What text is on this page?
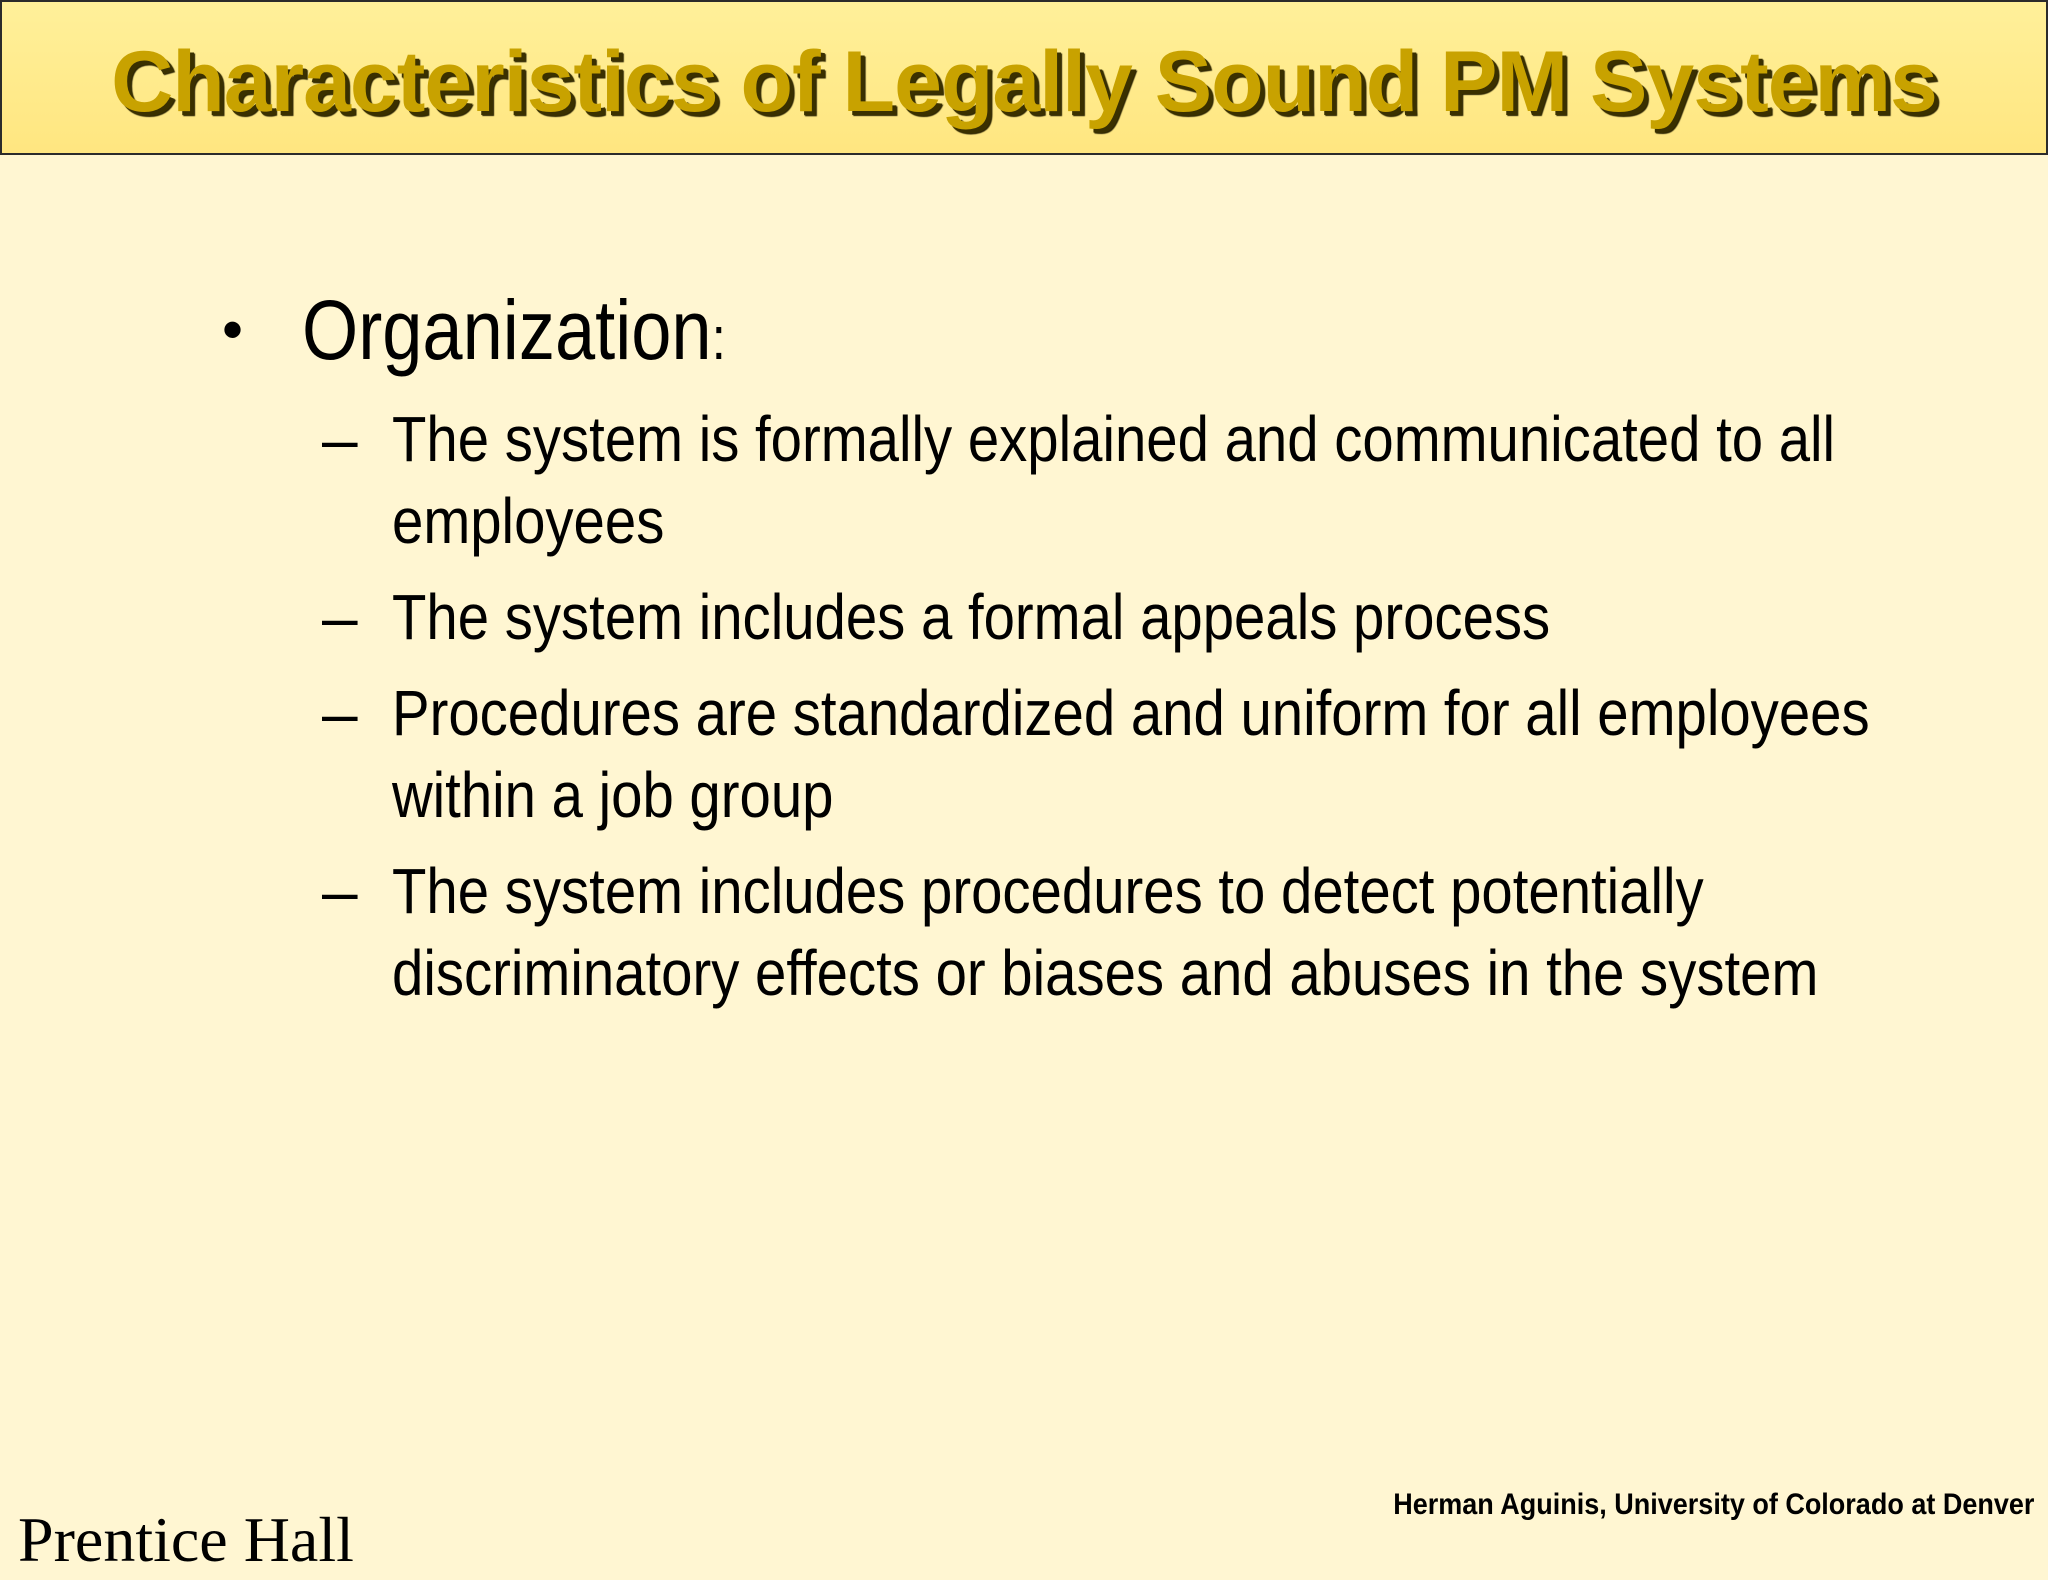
Characteristics of Legally Sound PM Systems
• Organization:
– The system is formally explained and communicated to all employees
– The system includes a formal appeals process
– Procedures are standardized and uniform for all employees within a job group
– The system includes procedures to detect potentially discriminatory effects or biases and abuses in the system
Herman Aguinis, University of Colorado at Denver
Prentice Hall
